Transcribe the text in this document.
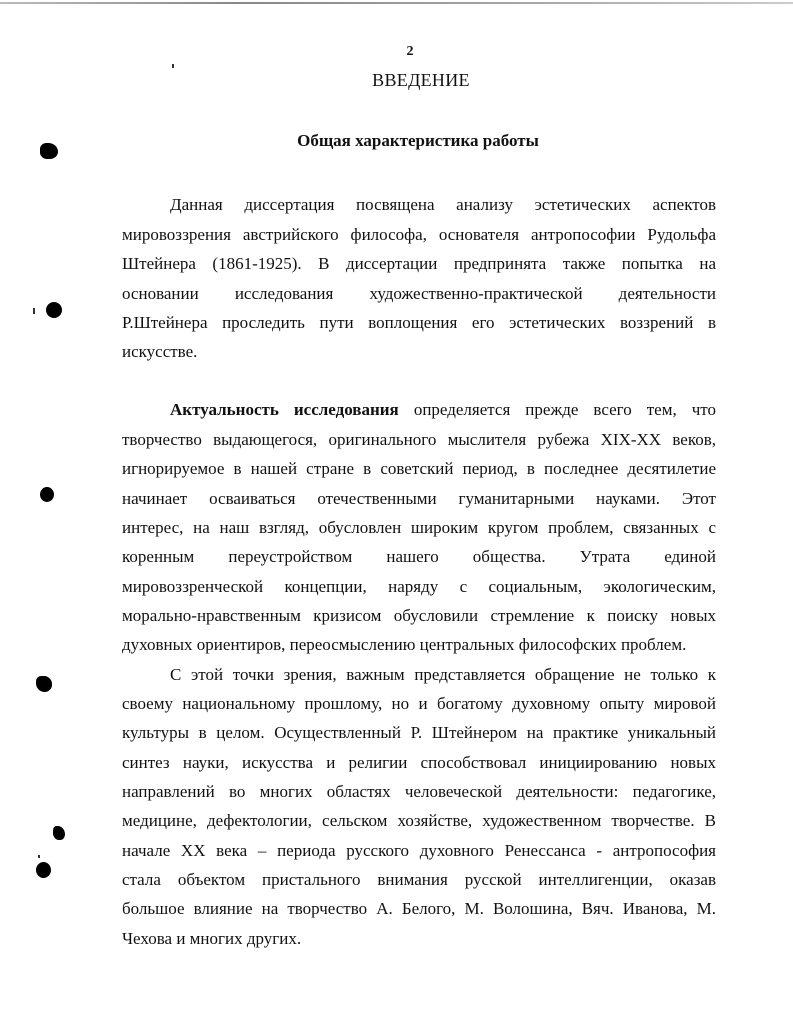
2
ВВЕДЕНИЕ
Общая характеристика работы
Данная диссертация посвящена анализу эстетических аспектов
мировоззрения австрийского философа, основателя антропософии Рудольфа
Штейнера (1861-1925). В диссертации предпринята также попытка на
основании исследования художественно-практической деятельности
Р.Штейнера проследить пути воплощения его эстетических воззрений в
искусстве.
Актуальность исследования определяется прежде всего тем, что
творчество выдающегося, оригинального мыслителя рубежа XIX-XX веков,
игнорируемое в нашей стране в советский период, в последнее десятилетие
начинает осваиваться отечественными гуманитарными науками. Этот
интерес, на наш взгляд, обусловлен широким кругом проблем, связанных с
коренным переустройством нашего общества. Утрата единой
мировоззренческой концепции, наряду с социальным, экологическим,
морально-нравственным кризисом обусловили стремление к поиску новых
духовных ориентиров, переосмыслению центральных философских проблем.
С этой точки зрения, важным представляется обращение не только к
своему национальному прошлому, но и богатому духовному опыту мировой
культуры в целом. Осуществленный Р. Штейнером на практике уникальный
синтез науки, искусства и религии способствовал инициированию новых
направлений во многих областях человеческой деятельности: педагогике,
медицине, дефектологии, сельском хозяйстве, художественном творчестве. В
начале XX века – периода русского духовного Ренессанса - антропософия
стала объектом пристального внимания русской интеллигенции, оказав
большое влияние на творчество А. Белого, М. Волошина, Вяч. Иванова, М.
Чехова и многих других.
